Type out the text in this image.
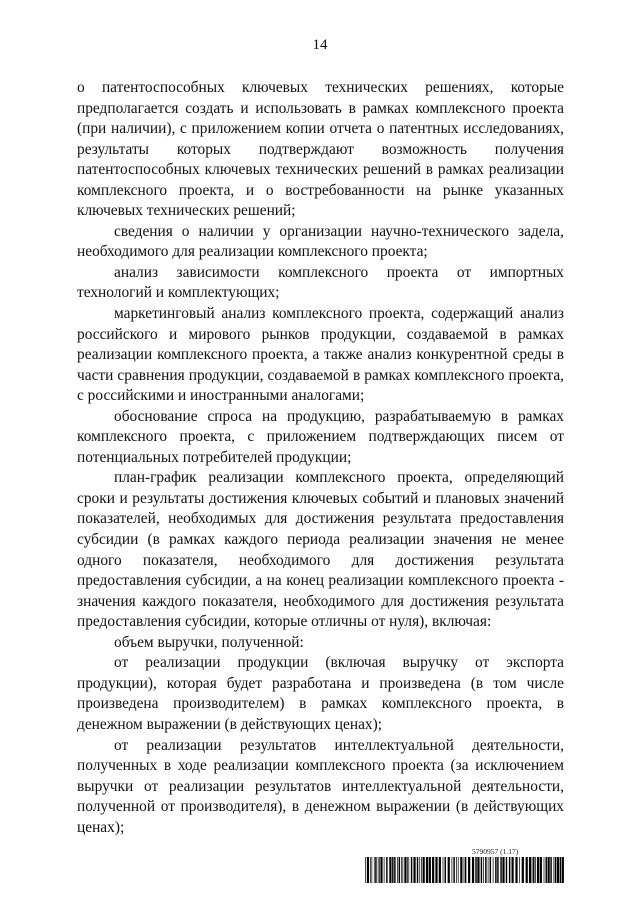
14

о патентоспособных ключевых технических решениях, которые предполагается создать и использовать в рамках комплексного проекта (при наличии), с приложением копии отчета о патентных исследованиях, результаты которых подтверждают возможность получения патентоспособных ключевых технических решений в рамках реализации комплексного проекта, и о востребованности на рынке указанных ключевых технических решений;

сведения о наличии у организации научно-технического задела, необходимого для реализации комплексного проекта;

анализ зависимости комплексного проекта от импортных технологий и комплектующих;

маркетинговый анализ комплексного проекта, содержащий анализ российского и мирового рынков продукции, создаваемой в рамках реализации комплексного проекта, а также анализ конкурентной среды в части сравнения продукции, создаваемой в рамках комплексного проекта, с российскими и иностранными аналогами;

обоснование спроса на продукцию, разрабатываемую в рамках комплексного проекта, с приложением подтверждающих писем от потенциальных потребителей продукции;

план-график реализации комплексного проекта, определяющий сроки и результаты достижения ключевых событий и плановых значений показателей, необходимых для достижения результата предоставления субсидии (в рамках каждого периода реализации значения не менее одного показателя, необходимого для достижения результата предоставления субсидии, а на конец реализации комплексного проекта - значения каждого показателя, необходимого для достижения результата предоставления субсидии, которые отличны от нуля), включая:

объем выручки, полученной:

от реализации продукции (включая выручку от экспорта продукции), которая будет разработана и произведена (в том числе произведена производителем) в рамках комплексного проекта, в денежном выражении (в действующих ценах);

от реализации результатов интеллектуальной деятельности, полученных в ходе реализации комплексного проекта (за исключением выручки от реализации результатов интеллектуальной деятельности, полученной от производителя), в денежном выражении (в действующих ценах);

5790957 (1.17)
